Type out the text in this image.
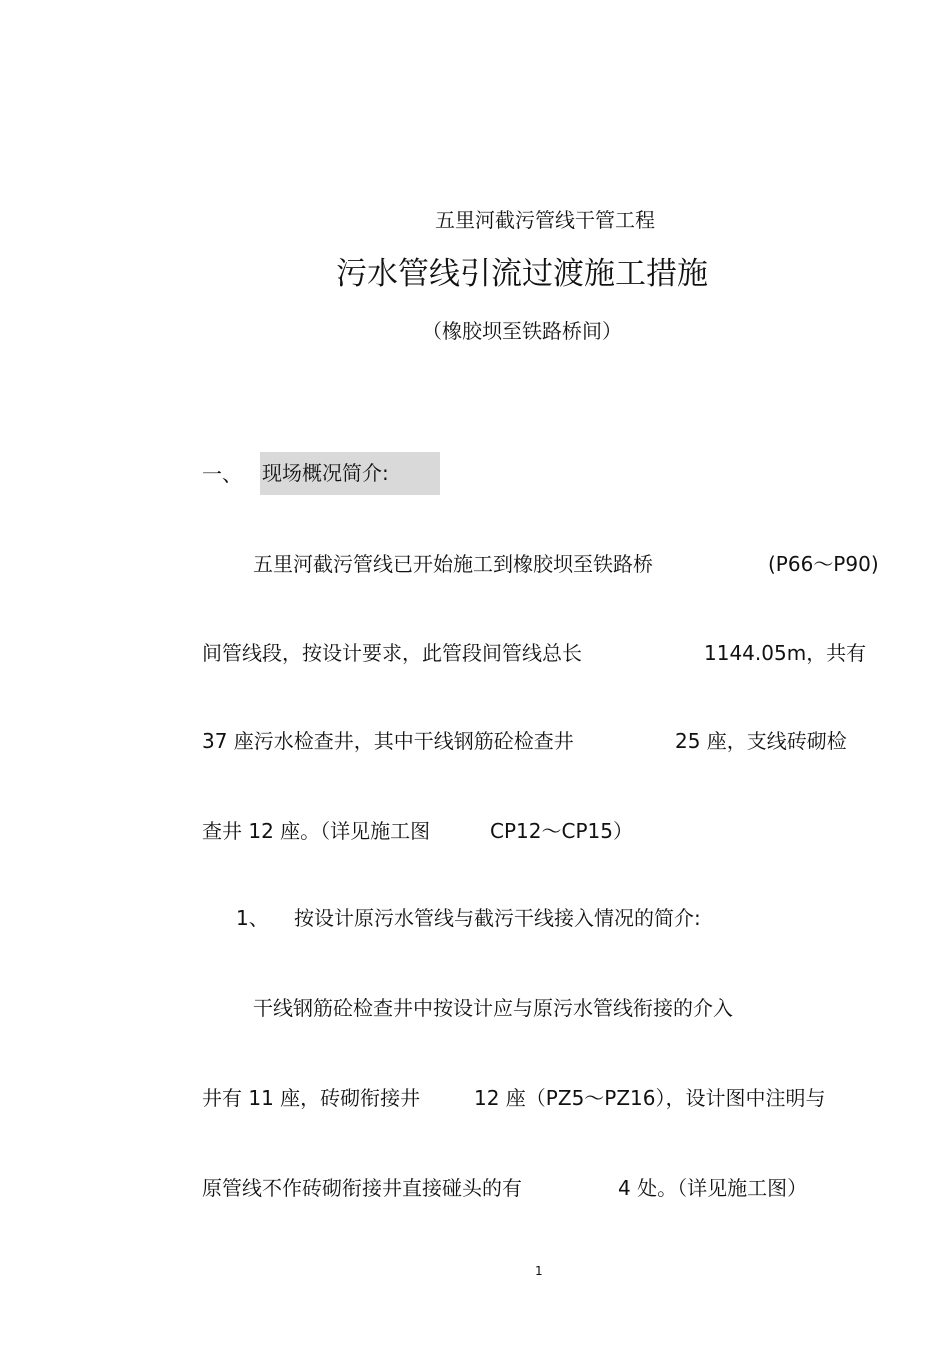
五里河截污管线干管工程
污水管线引流过渡施工措施
（橡胶坝至铁路桥间）
一、 现场概况简介:
五里河截污管线已开始施工到橡胶坝至铁路桥	(P66～P90)
间管线段，按设计要求，此管段间管线总长	1144.05m，共有
37 座污水检查井，其中干线钢筋砼检查井	25 座，支线砖砌检
查井 12 座。（详见施工图	CP12～CP15）
1、 按设计原污水管线与截污干线接入情况的简介:
干线钢筋砼检查井中按设计应与原污水管线衔接的介入
井有 11 座，砖砌衔接井	12 座（PZ5～PZ16），设计图中注明与
原管线不作砖砌衔接井直接碰头的有	4 处。（详见施工图）
1
